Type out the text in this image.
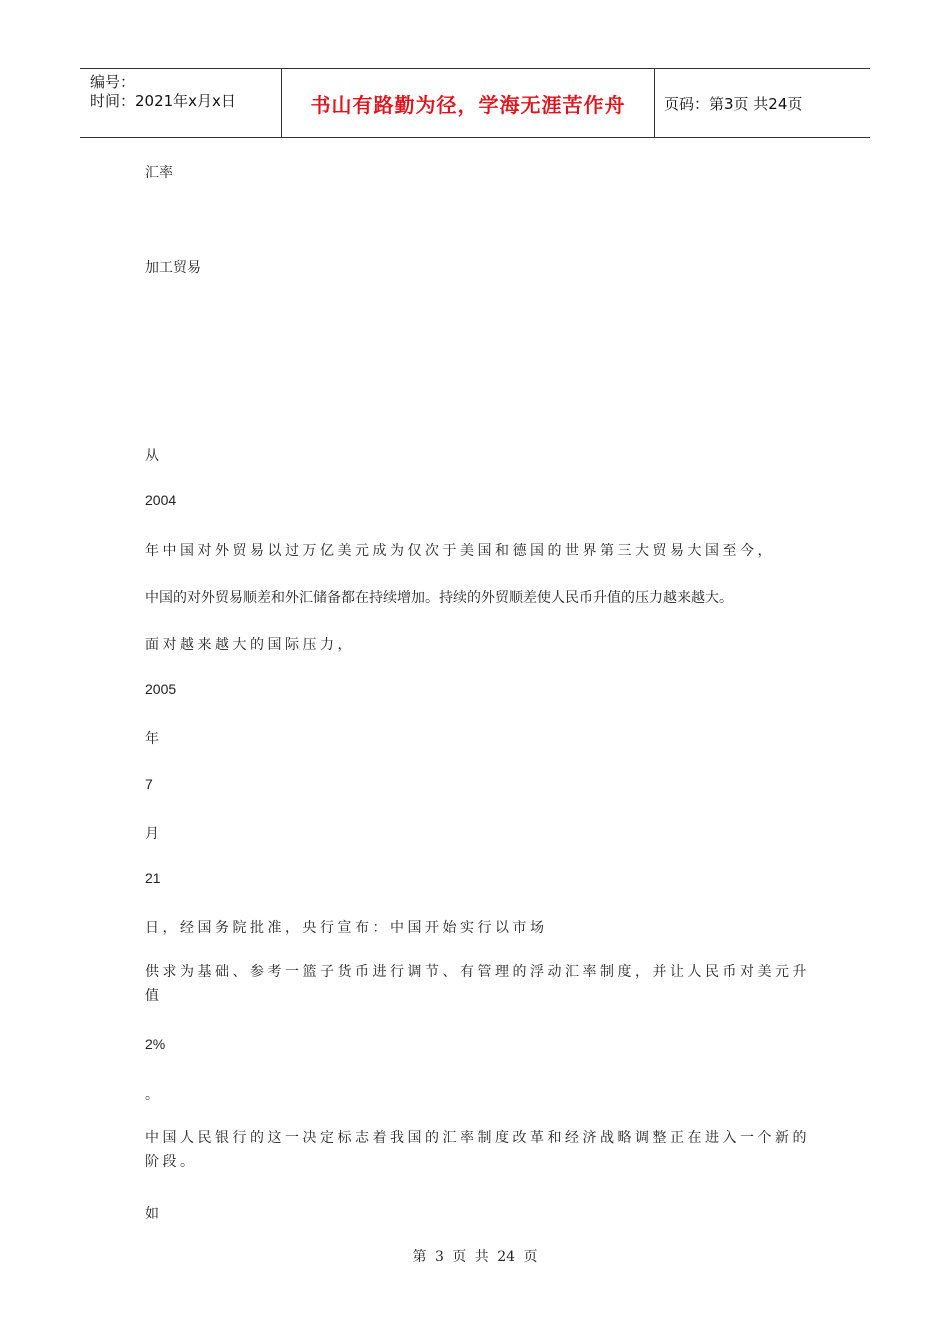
编号：
时间：2021年x月x日	书山有路勤为径，学海无涯苦作舟	页码：第3页 共24页
汇率
加工贸易
从
2004
年中国对外贸易以过万亿美元成为仅次于美国和德国的世界第三大贸易大国至今，
中国的对外贸易顺差和外汇储备都在持续增加。持续的外贸顺差使人民币升值的压力越来越大。
面对越来越大的国际压力，
2005
年
7
月
21
日，经国务院批准，央行宣布：中国开始实行以市场
供求为基础、参考一篮子货币进行调节、有管理的浮动汇率制度，并让人民币对美元升值
2%
。
中国人民银行的这一决定标志着我国的汇率制度改革和经济战略调整正在进入一个新的阶段。
如
第 3 页 共 24 页
